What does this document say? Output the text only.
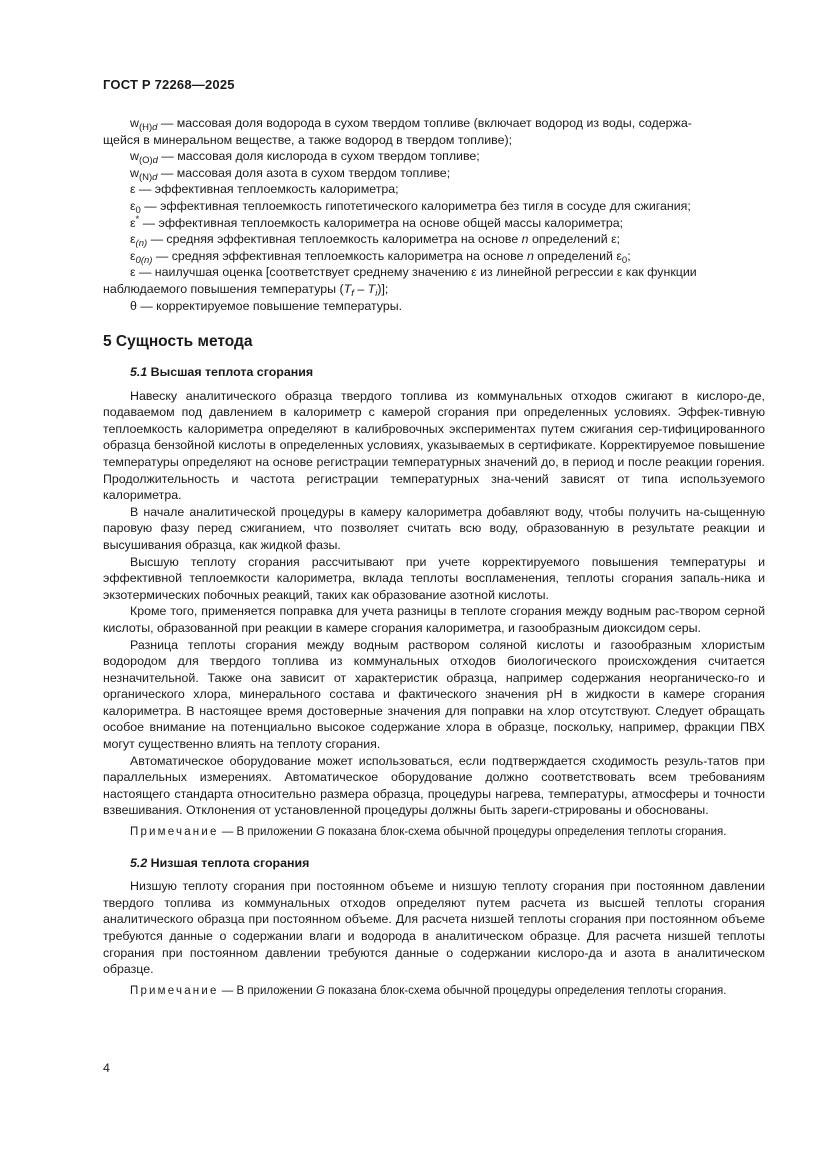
ГОСТ Р 72268—2025

$w_{(H)d}$ — массовая доля водорода в сухом твердом топливе (включает водород из воды, содержа-

щейся в минеральном веществе, а также водород в твердом топливе);

$w_{(O)d}$ — массовая доля кислорода в сухом твердом топливе;

$w_{(N)d}$ — массовая доля азота в сухом твердом топливе;

ε — эффективная теплоемкость калориметра;

$\varepsilon_0$ — эффективная теплоемкость гипотетического калориметра без тигля в сосуде для сжигания;

ε* — эффективная теплоемкость калориметра на основе общей массы калориметра;

$\varepsilon_{(n)}$ — средняя эффективная теплоемкость калориметра на основе n определений ε;

$\varepsilon_{0(n)}$ — средняя эффективная теплоемкость калориметра на основе n определений $\varepsilon_0$;

ε — наилучшая оценка [соответствует среднему значению ε из линейной регрессии ε как функции

наблюдаемого повышения температуры $(T_f - T_i)$];

θ — корректируемое повышение температуры.

5 Сущность метода

5.1 Высшая теплота сгорания

Навеску аналитического образца твердого топлива из коммунальных отходов сжигают в кислоро-де, подаваемом под давлением в калориметр с камерой сгорания при определенных условиях. Эффек-тивную теплоемкость калориметра определяют в калибровочных экспериментах путем сжигания сер-тифицированного образца бензойной кислоты в определенных условиях, указываемых в сертификате. Корректируемое повышение температуры определяют на основе регистрации температурных значений до, в период и после реакции горения. Продолжительность и частота регистрации температурных зна-чений зависят от типа используемого калориметра.

В начале аналитической процедуры в камеру калориметра добавляют воду, чтобы получить на-сыщенную паровую фазу перед сжиганием, что позволяет считать всю воду, образованную в результате реакции и высушивания образца, как жидкой фазы.

Высшую теплоту сгорания рассчитывают при учете корректируемого повышения температуры и эффективной теплоемкости калориметра, вклада теплоты воспламенения, теплоты сгорания запаль-ника и экзотермических побочных реакций, таких как образование азотной кислоты.

Кроме того, применяется поправка для учета разницы в теплоте сгорания между водным рас-твором серной кислоты, образованной при реакции в камере сгорания калориметра, и газообразным диоксидом серы.

Разница теплоты сгорания между водным раствором соляной кислоты и газообразным хлористым водородом для твердого топлива из коммунальных отходов биологического происхождения считается незначительной. Также она зависит от характеристик образца, например содержания неорганическо-го и органического хлора, минерального состава и фактического значения pH в жидкости в камере сгорания калориметра. В настоящее время достоверные значения для поправки на хлор отсутствуют. Следует обращать особое внимание на потенциально высокое содержание хлора в образце, поскольку, например, фракции ПВХ могут существенно влиять на теплоту сгорания.

Автоматическое оборудование может использоваться, если подтверждается сходимость резуль-татов при параллельных измерениях. Автоматическое оборудование должно соответствовать всем требованиям настоящего стандарта относительно размера образца, процедуры нагрева, температуры, атмосферы и точности взвешивания. Отклонения от установленной процедуры должны быть зареги-стрированы и обоснованы.

Примечание — В приложении G показана блок-схема обычной процедуры определения теплоты сгорания.

5.2 Низшая теплота сгорания

Низшую теплоту сгорания при постоянном объеме и низшую теплоту сгорания при постоянном давлении твердого топлива из коммунальных отходов определяют путем расчета из высшей теплоты сгорания аналитического образца при постоянном объеме. Для расчета низшей теплоты сгорания при постоянном объеме требуются данные о содержании влаги и водорода в аналитическом образце. Для расчета низшей теплоты сгорания при постоянном давлении требуются данные о содержании кислоро-да и азота в аналитическом образце.

Примечание — В приложении G показана блок-схема обычной процедуры определения теплоты сгорания.

4
